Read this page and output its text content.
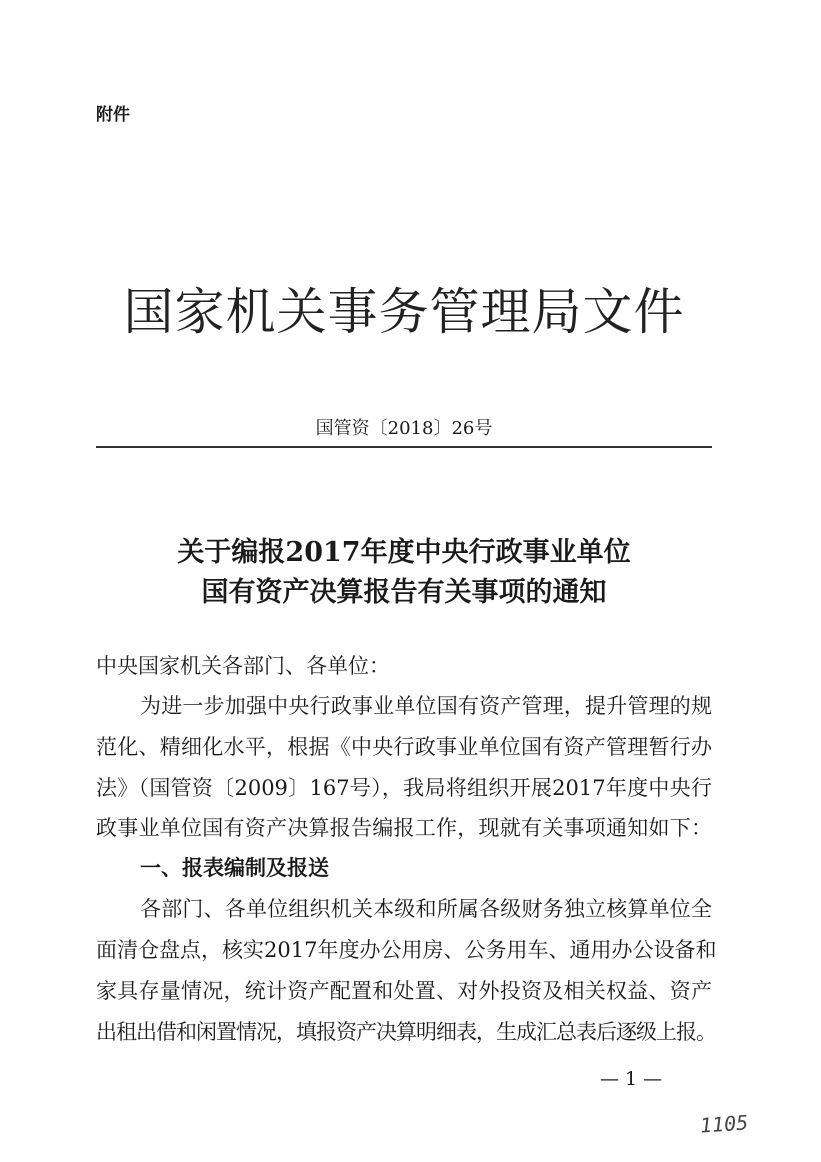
附件
国家机关事务管理局文件
国管资〔2018〕26号
关于编报2017年度中央行政事业单位
国有资产决算报告有关事项的通知
中央国家机关各部门、各单位：
为进一步加强中央行政事业单位国有资产管理，提升管理的规
范化、精细化水平，根据《中央行政事业单位国有资产管理暂行办
法》（国管资〔2009〕167号），我局将组织开展2017年度中央行
政事业单位国有资产决算报告编报工作，现就有关事项通知如下：
一、报表编制及报送
各部门、各单位组织机关本级和所属各级财务独立核算单位全
面清仓盘点，核实2017年度办公用房、公务用车、通用办公设备和
家具存量情况，统计资产配置和处置、对外投资及相关权益、资产
出租出借和闲置情况，填报资产决算明细表，生成汇总表后逐级上报。
— 1 —
1105
